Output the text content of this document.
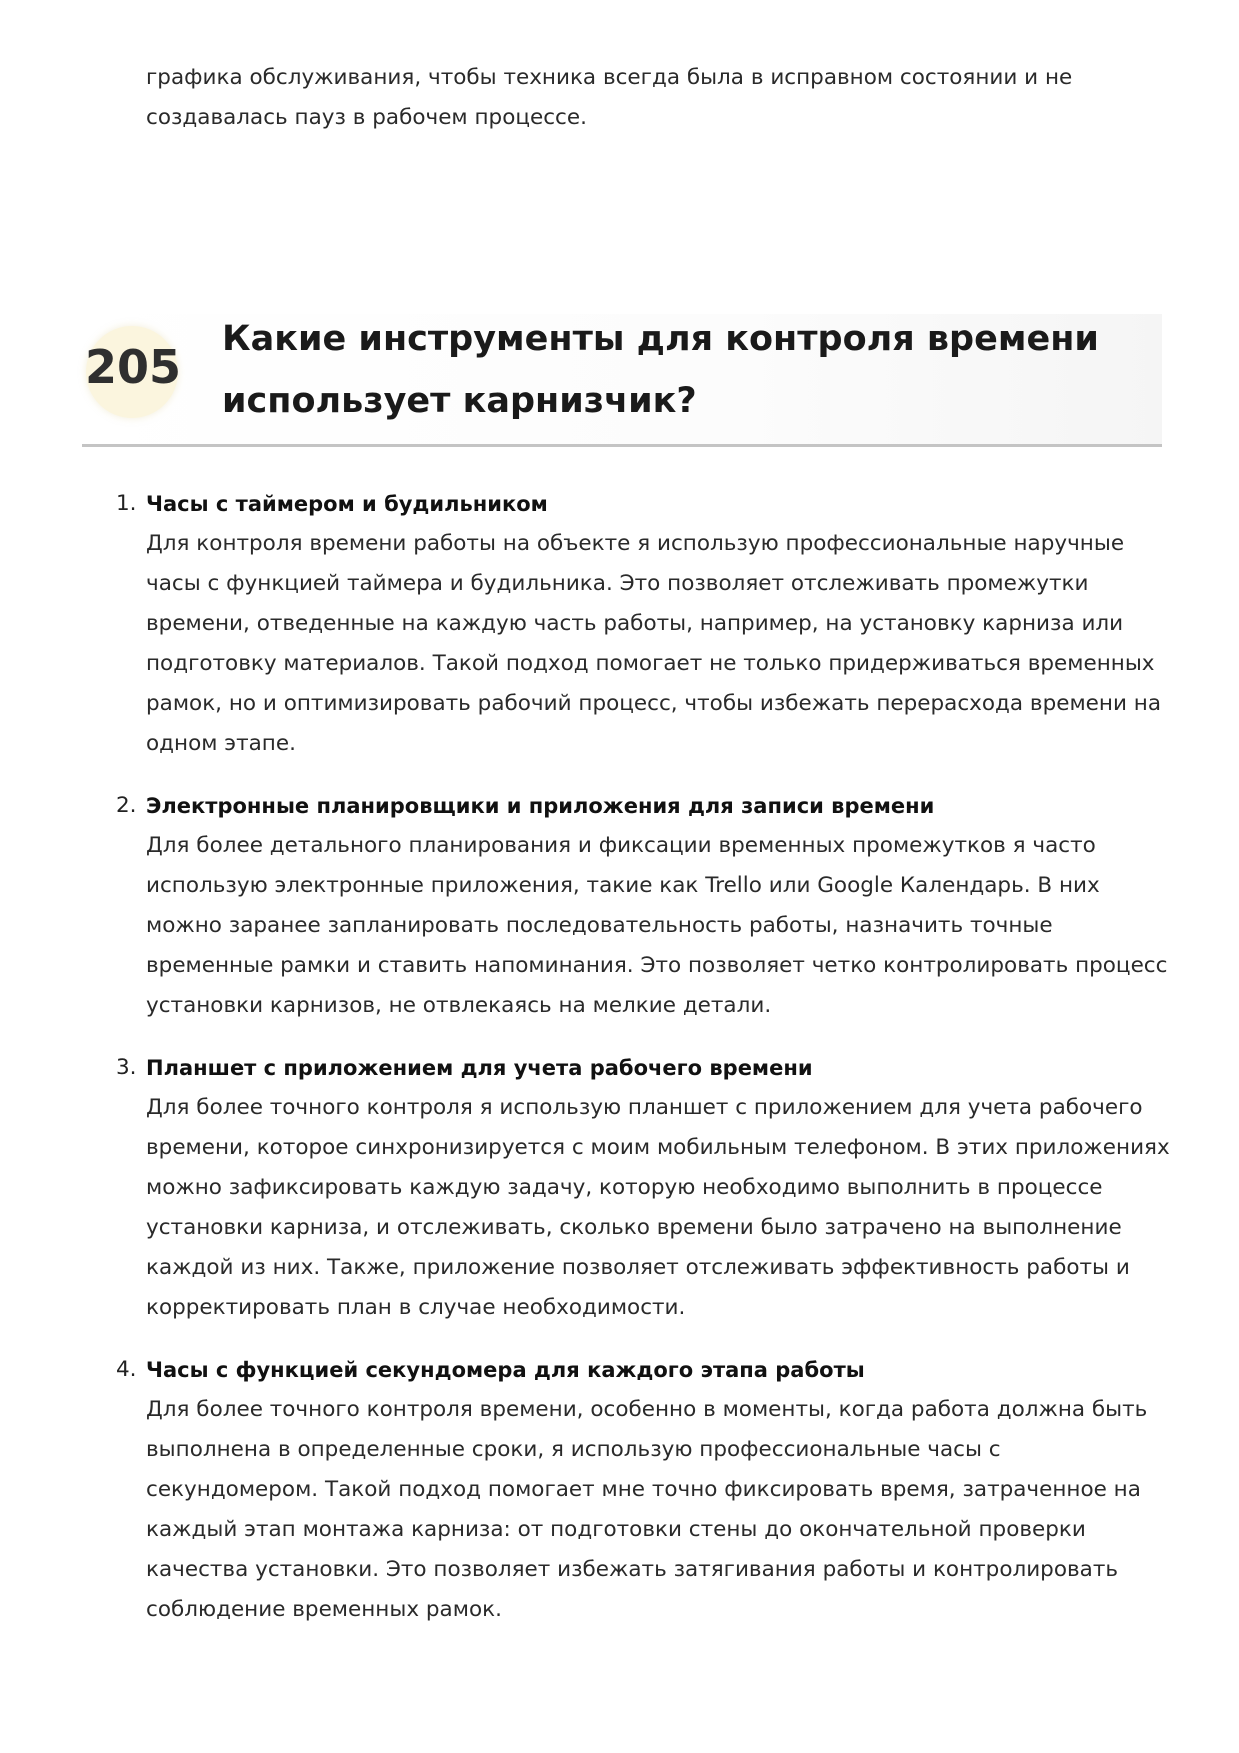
графика обслуживания, чтобы техника всегда была в исправном состоянии и не создавалась пауз в рабочем процессе.

205
Какие инструменты для контроля времени использует карнизчик?
1. Часы с таймером и будильником
Для контроля времени работы на объекте я использую профессиональные наручные часы с функцией таймера и будильника. Это позволяет отслеживать промежутки времени, отведенные на каждую часть работы, например, на установку карниза или подготовку материалов. Такой подход помогает не только придерживаться временных рамок, но и оптимизировать рабочий процесс, чтобы избежать перерасхода времени на одном этапе.
2. Электронные планировщики и приложения для записи времени
Для более детального планирования и фиксации временных промежутков я часто использую электронные приложения, такие как Trello или Google Календарь. В них можно заранее запланировать последовательность работы, назначить точные временные рамки и ставить напоминания. Это позволяет четко контролировать процесс установки карнизов, не отвлекаясь на мелкие детали.
3. Планшет с приложением для учета рабочего времени
Для более точного контроля я использую планшет с приложением для учета рабочего времени, которое синхронизируется с моим мобильным телефоном. В этих приложениях можно зафиксировать каждую задачу, которую необходимо выполнить в процессе установки карниза, и отслеживать, сколько времени было затрачено на выполнение каждой из них. Также, приложение позволяет отслеживать эффективность работы и корректировать план в случае необходимости.
4. Часы с функцией секундомера для каждого этапа работы
Для более точного контроля времени, особенно в моменты, когда работа должна быть выполнена в определенные сроки, я использую профессиональные часы с секундомером. Такой подход помогает мне точно фиксировать время, затраченное на каждый этап монтажа карниза: от подготовки стены до окончательной проверки качества установки. Это позволяет избежать затягивания работы и контролировать соблюдение временных рамок.
